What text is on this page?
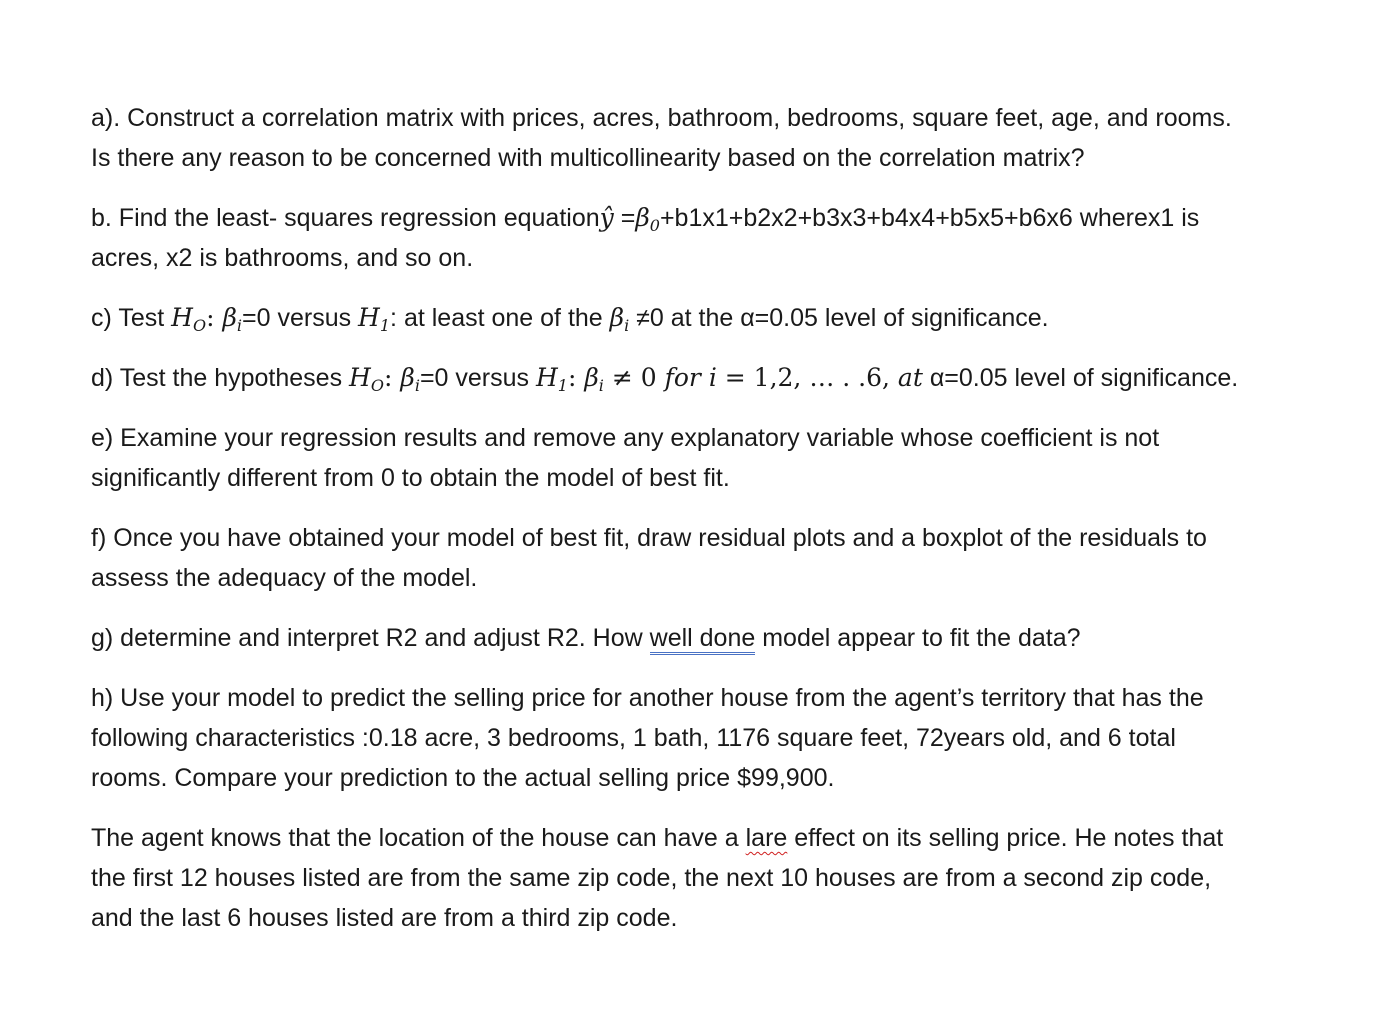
a). Construct a correlation matrix with prices, acres, bathroom, bedrooms, square feet, age, and rooms.
Is there any reason to be concerned with multicollinearity based on the correlation matrix?
b. Find the least- squares regression equationŷ $=\beta_0+b1x1+b2x2+b3x3+b4x4+b5x5+b6x6$ wherex1 is
acres, x2 is bathrooms, and so on.
c) Test $H_O$: $\beta_i=0$ versus $H_1$: at least one of the $\beta_i \ne 0$ at the α=0.05 level of significance.
d) Test the hypotheses $H_O$: $\beta_i=0$ versus $H_1$: $\beta_i \ne 0$ for i = 1,2, … . .6, at α=0.05 level of significance.
e) Examine your regression results and remove any explanatory variable whose coefficient is not
significantly different from 0 to obtain the model of best fit.
f) Once you have obtained your model of best fit, draw residual plots and a boxplot of the residuals to
assess the adequacy of the model.
g) determine and interpret R2 and adjust R2. How well done model appear to fit the data?
h) Use your model to predict the selling price for another house from the agent’s territory that has the
following characteristics :0.18 acre, 3 bedrooms, 1 bath, 1176 square feet, 72years old, and 6 total
rooms. Compare your prediction to the actual selling price $99,900.
The agent knows that the location of the house can have a lare effect on its selling price. He notes that
the first 12 houses listed are from the same zip code, the next 10 houses are from a second zip code,
and the last 6 houses listed are from a third zip code.
